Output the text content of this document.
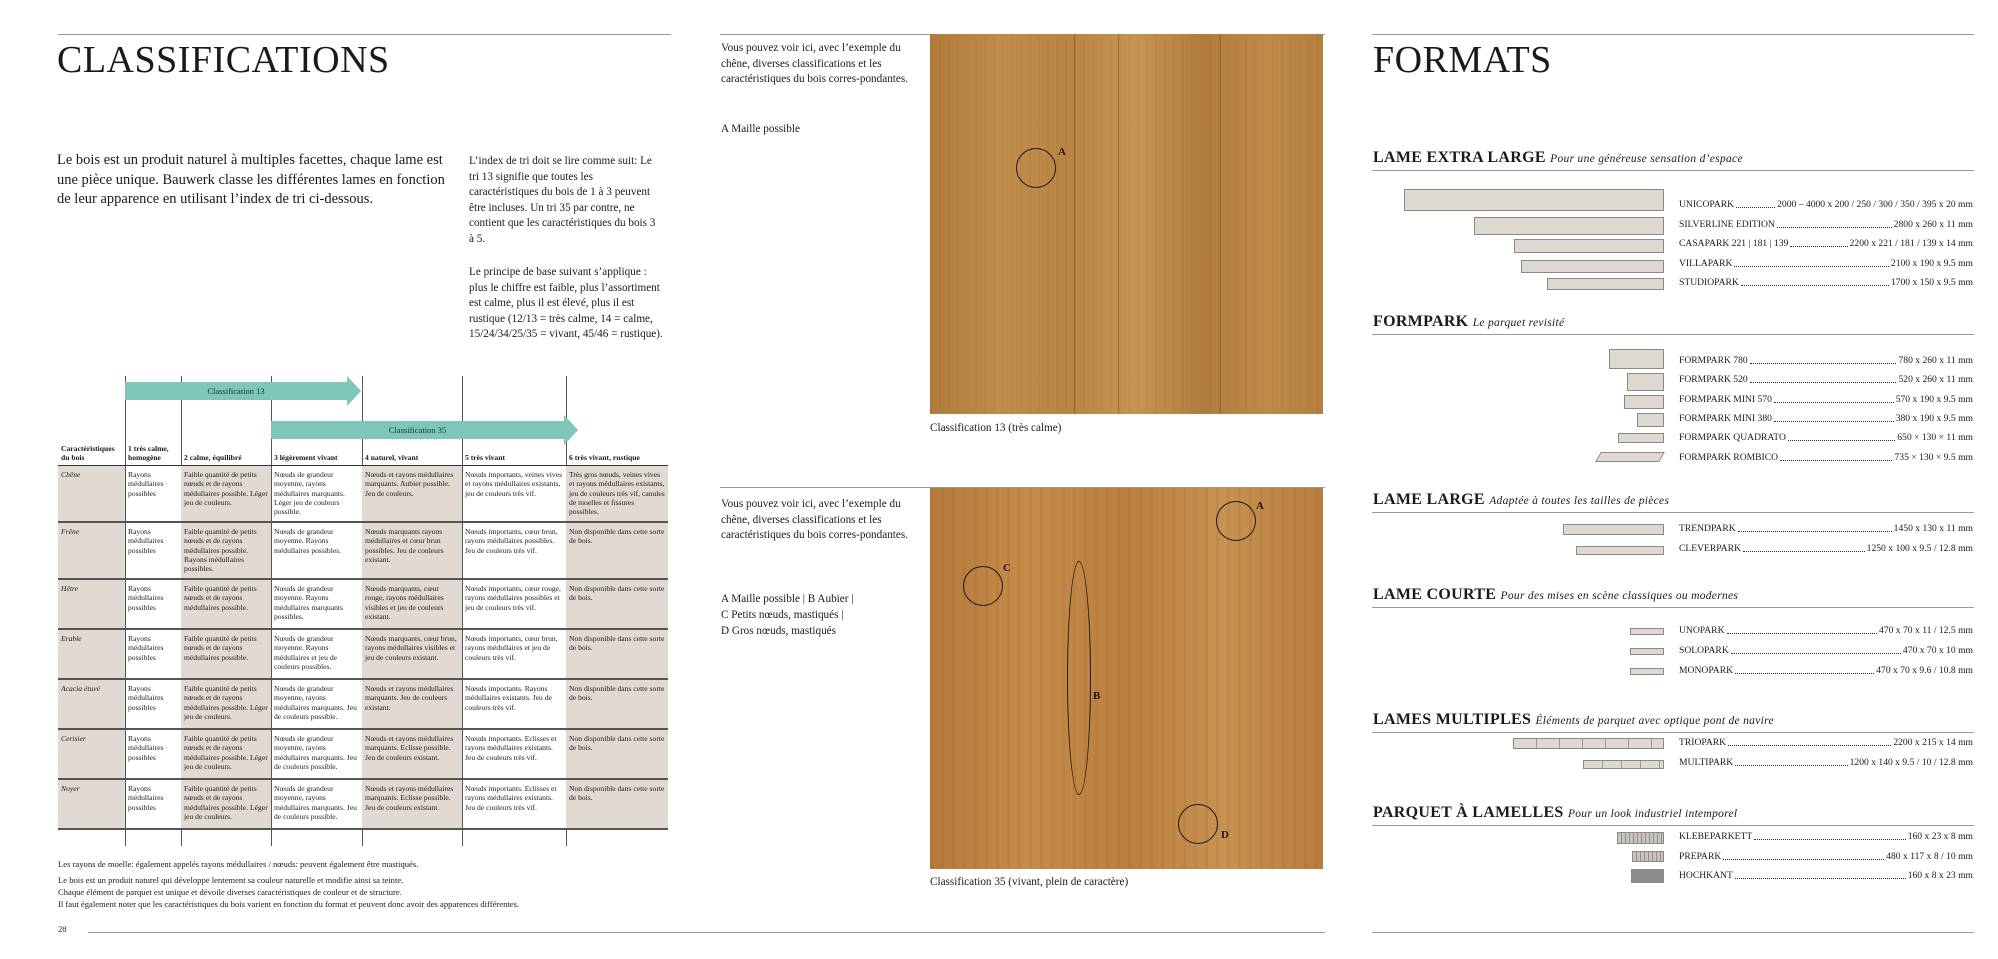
CLASSIFICATIONS
Le bois est un produit naturel à multiples facettes, chaque lame est une pièce unique. Bauwerk classe les différentes lames en fonction de leur apparence en utilisant l’index de tri ci-dessous.
L’index de tri doit se lire comme suit: Le tri 13 signifie que toutes les caractéristiques du bois de 1 à 3 peuvent être incluses. Un tri 35 par contre, ne contient que les caractéristiques du bois 3 à 5.
Le principe de base suivant s’applique : plus le chiffre est faible, plus l’assortiment est calme, plus il est élevé, plus il est rustique (12/13 = très calme, 14 = calme, 15/24/34/25/35 = vivant, 45/46 = rustique).
Classification 13
Classification 35
Caractéristiques du bois	1 très calme, homogène	2 calme, équilibré	3 légèrement vivant	4 naturel, vivant	5 très vivant	6 très vivant, rustique
Chêne	Rayons médullaires possibles	Faible quantité de petits nœuds et de rayons médullaires possible. Léger jeu de couleurs.	Nœuds de grandeur moyenne, rayons médullaires marquants. Léger jeu de couleurs possible.	Nœuds et rayons médullaires marquants. Aubier possible. Jeu de couleurs.	Nœuds importants, veines vives et rayons médullaires existants, jeu de couleurs très vif.	Très gros nœuds, veines vives et rayons médullaires existants, jeu de couleurs très vif, canules de moelles et fissures possibles.
Frêne	Rayons médullaires possibles	Faible quantité de petits nœuds et de rayons médullaires possible. Rayons médullaires possibles.	Nœuds de grandeur moyenne. Rayons médullaires possibles.	Nœuds marquants rayons médullaires et cœur brun possibles. Jeu de couleurs existant.	Nœuds importants, cœur brun, rayons médullaires possibles. Jeu de couleurs très vif.	Non disponible dans cette sorte de bois.
Hêtre	Rayons médullaires possibles	Faible quantité de petits nœuds et de rayons médullaires possible.	Nœuds de grandeur moyenne. Rayons médullaires marquants possibles.	Nœuds marquants, cœur rouge, rayons médullaires visibles et jeu de couleurs existant.	Nœuds importants, cœur rouge, rayons médullaires possibles et jeu de couleurs très vif.	Non disponible dans cette sorte de bois.
Erable	Rayons médullaires possibles	Faible quantité de petits nœuds et de rayons médullaires possible.	Nœuds de grandeur moyenne. Rayons médullaires et jeu de couleurs possibles.	Nœuds marquants, cœur brun, rayons médullaires visibles et jeu de couleurs existant.	Nœuds importants, cœur brun, rayons médullaires et jeu de couleurs très vif.	Non disponible dans cette sorte de bois.
Acacia étuvé	Rayons médullaires possibles	Faible quantité de petits nœuds et de rayons médullaires possible. Léger jeu de couleurs.	Nœuds de grandeur moyenne, rayons médullaires marquants. Jeu de couleurs possible.	Nœuds et rayons médullaires marquants. Jeu de couleurs existant.	Nœuds importants. Rayons médullaires existants. Jeu de couleurs très vif.	Non disponible dans cette sorte de bois.
Cerisier	Rayons médullaires possibles	Faible quantité de petits nœuds et de rayons médullaires possible. Léger jeu de couleurs.	Nœuds de grandeur moyenne, rayons médullaires marquants. Jeu de couleurs possible.	Nœuds et rayons médullaires marquants. Eclisse possible. Jeu de couleurs existant.	Nœuds importants. Eclisses et rayons médullaires existants. Jeu de couleurs très vif.	Non disponible dans cette sorte de bois.
Noyer	Rayons médullaires possibles	Faible quantité de petits nœuds et de rayons médullaires possible. Léger jeu de couleurs.	Nœuds de grandeur moyenne, rayons médullaires marquants. Jeu de couleurs possible.	Nœuds et rayons médullaires marquants. Eclisse possible. Jeu de couleurs existant.	Nœuds importants. Eclisses et rayons médullaires existants. Jeu de couleurs très vif.	Non disponible dans cette sorte de bois.
Les rayons de moelle: également appelés rayons médullaires / nœuds: peuvent également être mastiqués.
Le bois est un produit naturel qui développe lentement sa couleur naturelle et modifie ainsi sa teinte.
Chaque élément de parquet est unique et dévoile diverses caractéristiques de couleur et de structure.
Il faut également noter que les caractéristiques du bois varient en fonction du format et peuvent donc avoir des apparences différentes.
28
Vous pouvez voir ici, avec l’exemple du chêne, diverses classifications et les caractéristiques du bois corres-pondantes.
A Maille possible
A
Classification 13 (très calme)
Vous pouvez voir ici, avec l’exemple du chêne, diverses classifications et les caractéristiques du bois corres-pondantes.
A Maille possible | B Aubier |
C Petits nœuds, mastiqués |
D Gros nœuds, mastiqués
A
B
C
D
Classification 35 (vivant, plein de caractère)
FORMATS
LAME EXTRA LARGE Pour une généreuse sensation d’espace
UNICOPARK	2000 – 4000 x 200 / 250 / 300 / 350 / 395 x 20 mm
SILVERLINE EDITION	2800 x 260 x 11 mm
CASAPARK 221 | 181 | 139	2200 x 221 / 181 / 139 x 14 mm
VILLAPARK	2100 x 190 x 9.5 mm
STUDIOPARK	1700 x 150 x 9.5 mm
FORMPARK Le parquet revisité
FORMPARK 780	780 x 260 x 11 mm
FORMPARK 520	520 x 260 x 11 mm
FORMPARK MINI 570	570 x 190 x 9.5 mm
FORMPARK MINI 380	380 x 190 x 9.5 mm
FORMPARK QUADRATO	650 × 130 × 11 mm
FORMPARK ROMBICO	735 × 130 × 9.5 mm
LAME LARGE Adaptée à toutes les tailles de pièces
TRENDPARK	1450 x 130 x 11 mm
CLEVERPARK	1250 x 100 x 9.5 / 12.8 mm
LAME COURTE Pour des mises en scène classiques ou modernes
UNOPARK	470 x 70 x 11 / 12.5 mm
SOLOPARK	470 x 70 x 10 mm
MONOPARK	470 x 70 x 9.6 / 10.8 mm
LAMES MULTIPLES Éléments de parquet avec optique pont de navire
TRIOPARK	2200 x 215 x 14 mm
MULTIPARK	1200 x 140 x 9.5 / 10 / 12.8 mm
PARQUET À LAMELLES Pour un look industriel intemporel
KLEBEPARKETT	160 x 23 x 8 mm
PREPARK	480 x 117 x 8 / 10 mm
HOCHKANT	160 x 8 x 23 mm
